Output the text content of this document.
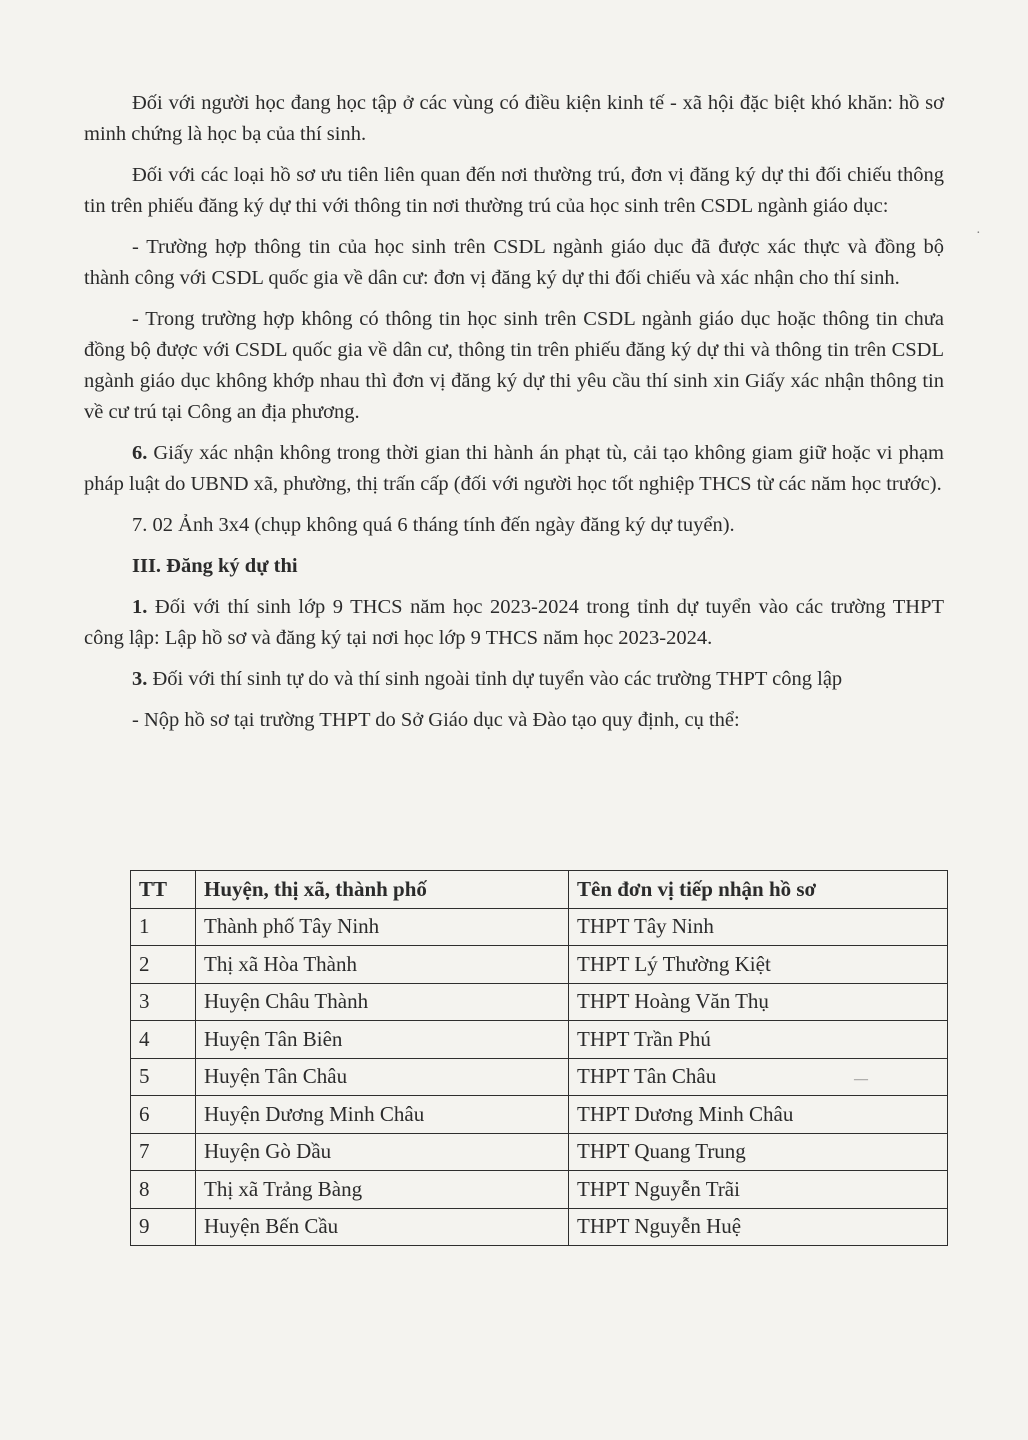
Đối với người học đang học tập ở các vùng có điều kiện kinh tế - xã hội đặc biệt khó khăn: hồ sơ minh chứng là học bạ của thí sinh.

Đối với các loại hồ sơ ưu tiên liên quan đến nơi thường trú, đơn vị đăng ký dự thi đối chiếu thông tin trên phiếu đăng ký dự thi với thông tin nơi thường trú của học sinh trên CSDL ngành giáo dục:

- Trường hợp thông tin của học sinh trên CSDL ngành giáo dục đã được xác thực và đồng bộ thành công với CSDL quốc gia về dân cư: đơn vị đăng ký dự thi đối chiếu và xác nhận cho thí sinh.

- Trong trường hợp không có thông tin học sinh trên CSDL ngành giáo dục hoặc thông tin chưa đồng bộ được với CSDL quốc gia về dân cư, thông tin trên phiếu đăng ký dự thi và thông tin trên CSDL ngành giáo dục không khớp nhau thì đơn vị đăng ký dự thi yêu cầu thí sinh xin Giấy xác nhận thông tin về cư trú tại Công an địa phương.

6. Giấy xác nhận không trong thời gian thi hành án phạt tù, cải tạo không giam giữ hoặc vi phạm pháp luật do UBND xã, phường, thị trấn cấp (đối với người học tốt nghiệp THCS từ các năm học trước).

7. 02 Ảnh 3x4 (chụp không quá 6 tháng tính đến ngày đăng ký dự tuyển).

III. Đăng ký dự thi

1. Đối với thí sinh lớp 9 THCS năm học 2023-2024 trong tỉnh dự tuyển vào các trường THPT công lập: Lập hồ sơ và đăng ký tại nơi học lớp 9 THCS năm học 2023-2024.

3. Đối với thí sinh tự do và thí sinh ngoài tỉnh dự tuyển vào các trường THPT công lập

- Nộp hồ sơ tại trường THPT do Sở Giáo dục và Đào tạo quy định, cụ thể:

TT	Huyện, thị xã, thành phố	Tên đơn vị tiếp nhận hồ sơ
1	Thành phố Tây Ninh	THPT Tây Ninh
2	Thị xã Hòa Thành	THPT Lý Thường Kiệt
3	Huyện Châu Thành	THPT Hoàng Văn Thụ
4	Huyện Tân Biên	THPT Trần Phú
5	Huyện Tân Châu	THPT Tân Châu
6	Huyện Dương Minh Châu	THPT Dương Minh Châu
7	Huyện Gò Dầu	THPT Quang Trung
8	Thị xã Trảng Bàng	THPT Nguyễn Trãi
9	Huyện Bến Cầu	THPT Nguyễn Huệ
·
—
